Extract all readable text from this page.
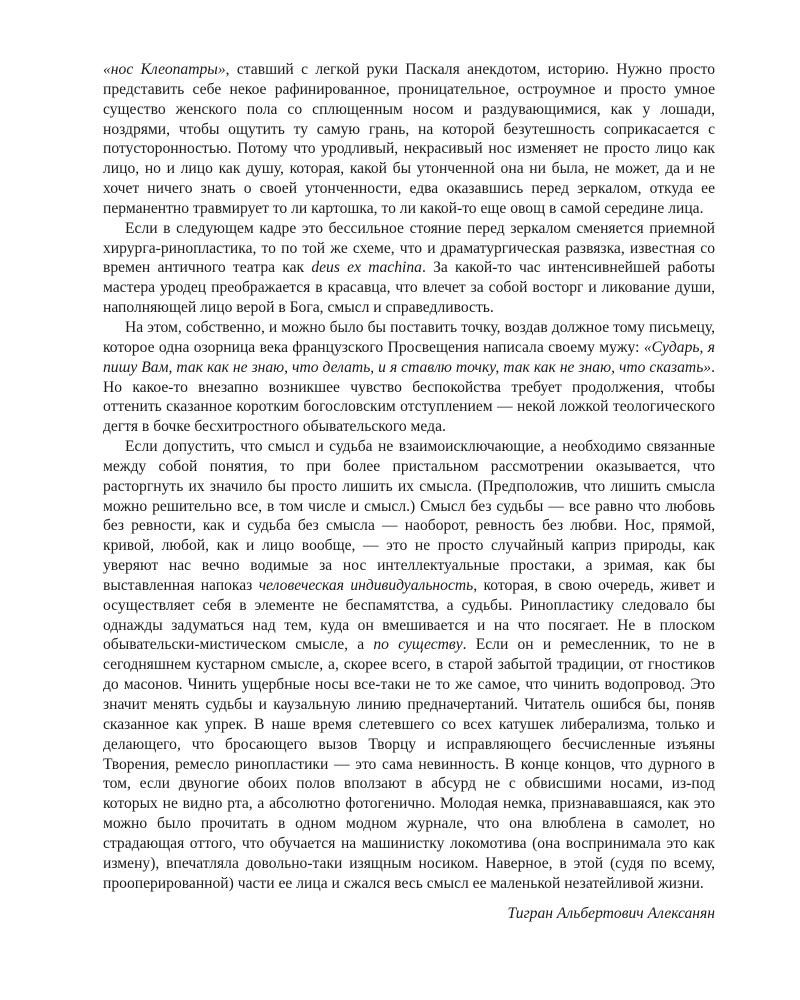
«нос Клеопатры», ставший с легкой руки Паскаля анекдотом, историю. Нужно просто представить себе некое рафинированное, проницательное, остроумное и просто умное существо женского пола со сплющенным носом и раздувающимися, как у лошади, ноздрями, чтобы ощутить ту самую грань, на которой безутешность соприкасается с потусторонностью. Потому что уродливый, некрасивый нос изменяет не просто лицо как лицо, но и лицо как душу, которая, какой бы утонченной она ни была, не может, да и не хочет ничего знать о своей утонченности, едва оказавшись перед зеркалом, откуда ее перманентно травмирует то ли картошка, то ли какой-то еще овощ в самой середине лица.

Если в следующем кадре это бессильное стояние перед зеркалом сменяется приемной хирурга-ринопластика, то по той же схеме, что и драматургическая развязка, известная со времен античного театра как deus ex machina. За какой-то час интенсивнейшей работы мастера уродец преображается в красавца, что влечет за собой восторг и ликование души, наполняющей лицо верой в Бога, смысл и справедливость.

На этом, собственно, и можно было бы поставить точку, воздав должное тому письмецу, которое одна озорница века французского Просвещения написала своему мужу: «Сударь, я пишу Вам, так как не знаю, что делать, и я ставлю точку, так как не знаю, что сказать». Но какое-то внезапно возникшее чувство беспокойства требует продолжения, чтобы оттенить сказанное коротким богословским отступлением — некой ложкой теологического дегтя в бочке бесхитростного обывательского меда.

Если допустить, что смысл и судьба не взаимоисключающие, а необходимо связанные между собой понятия, то при более пристальном рассмотрении оказывается, что расторгнуть их значило бы просто лишить их смысла. (Предположив, что лишить смысла можно решительно все, в том числе и смысл.) Смысл без судьбы — все равно что любовь без ревности, как и судьба без смысла — наоборот, ревность без любви. Нос, прямой, кривой, любой, как и лицо вообще, — это не просто случайный каприз природы, как уверяют нас вечно водимые за нос интеллектуальные простаки, а зримая, как бы выставленная напоказ человеческая индивидуальность, которая, в свою очередь, живет и осуществляет себя в элементе не беспамятства, а судьбы. Ринопластику следовало бы однажды задуматься над тем, куда он вмешивается и на что посягает. Не в плоском обывательски-мистическом смысле, а по существу. Если он и ремесленник, то не в сегодняшнем кустарном смысле, а, скорее всего, в старой забытой традиции, от гностиков до масонов. Чинить ущербные носы все-таки не то же самое, что чинить водопровод. Это значит менять судьбы и каузальную линию предначертаний. Читатель ошибся бы, поняв сказанное как упрек. В наше время слетевшего со всех катушек либерализма, только и делающего, что бросающего вызов Творцу и исправляющего бесчисленные изъяны Творения, ремесло ринопластики — это сама невинность. В конце концов, что дурного в том, если двуногие обоих полов вползают в абсурд не с обвисшими носами, из-под которых не видно рта, а абсолютно фотогенично. Молодая немка, признававшаяся, как это можно было прочитать в одном модном журнале, что она влюблена в самолет, но страдающая оттого, что обучается на машинистку локомотива (она воспринимала это как измену), впечатляла довольно-таки изящным носиком. Наверное, в этой (судя по всему, прооперированной) части ее лица и сжался весь смысл ее маленькой незатейливой жизни.

Тигран Альбертович Алексанян
